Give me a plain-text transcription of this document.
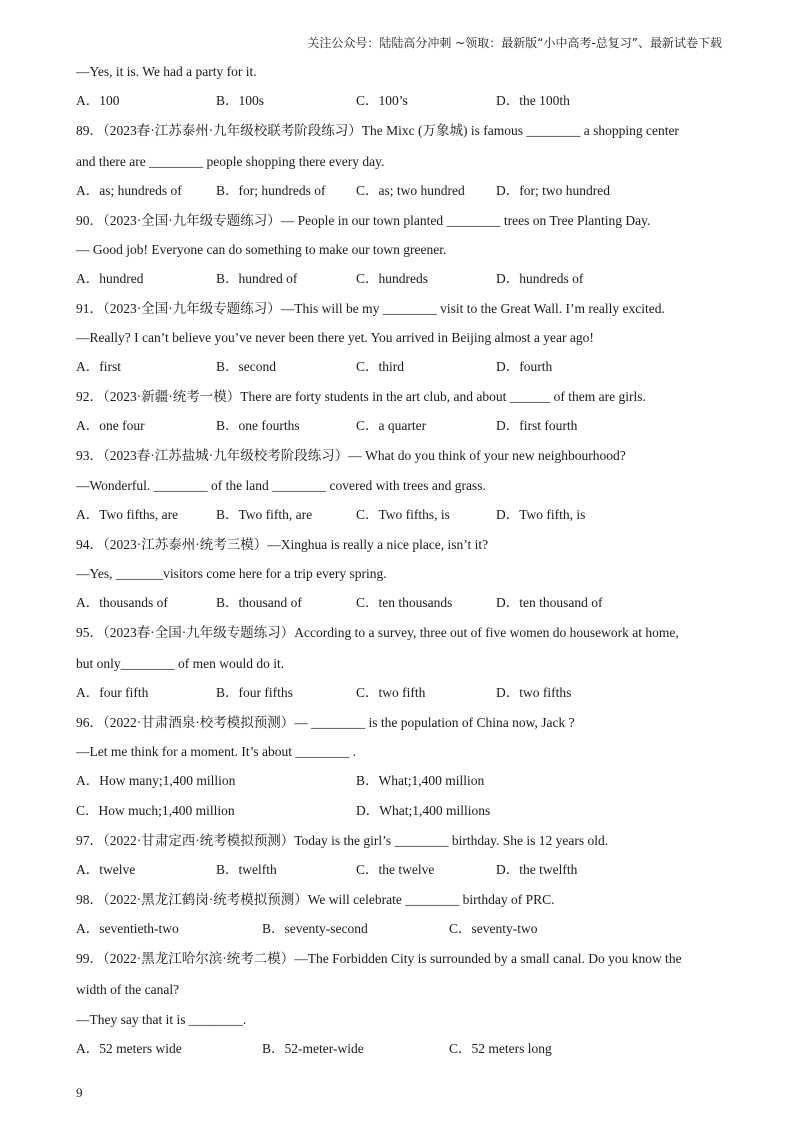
关注公众号：陆陆高分冲刺 ~领取：最新版“小中高考-总复习”、最新试卷下载
—Yes, it is. We had a party for it.
A．100	B．100s	C．100’s	D．the 100th
89．（2023春·江苏泰州·九年级校联考阶段练习）The Mixc (万象城) is famous ________ a shopping center
and there are ________ people shopping there every day.
A．as; hundreds of	B．for; hundreds of C．as; two hundred D．for; two hundred
90．（2023·全国·九年级专题练习）— People in our town planted ________ trees on Tree Planting Day.
— Good job! Everyone can do something to make our town greener.
A．hundred	B．hundred of	C．hundreds	D．hundreds of
91．（2023·全国·九年级专题练习）—This will be my ________ visit to the Great Wall. I’m really excited.
—Really? I can’t believe you’ve never been there yet. You arrived in Beijing almost a year ago!
A．first	B．second	C．third	D．fourth
92．（2023·新疆·统考一模）There are forty students in the art club, and about ______ of them are girls.
A．one four	B．one fourths	C．a quarter	D．first fourth
93．（2023春·江苏盐城·九年级校考阶段练习）— What do you think of your new neighbourhood?
—Wonderful. ________ of the land ________ covered with trees and grass.
A．Two fifths, are	B．Two fifth, are	C．Two fifths, is	D．Two fifth, is
94．（2023·江苏泰州·统考三模）—Xinghua is really a nice place, isn’t it?
—Yes, _______visitors come here for a trip every spring.
A．thousands of	B．thousand of	C．ten thousands	D．ten thousand of
95．（2023春·全国·九年级专题练习）According to a survey, three out of five women do housework at home,
but only________ of men would do it.
A．four fifth	B．four fifths	C．two fifth	D．two fifths
96．（2022·甘肃酒泉·校考模拟预测）— ________ is the population of China now, Jack ?
—Let me think for a moment. It’s about ________ .
A．How many;1,400 million	B．What;1,400 million
C．How much;1,400 million	D．What;1,400 millions
97．（2022·甘肃定西·统考模拟预测）Today is the girl’s ________ birthday. She is 12 years old.
A．twelve	B．twelfth	C．the twelve	D．the twelfth
98．（2022·黑龙江鹤岗·统考模拟预测）We will celebrate ________ birthday of PRC.
A．seventieth-two	B．seventy-second	C．seventy-two
99．（2022·黑龙江哈尔滨·统考二模）—The Forbidden City is surrounded by a small canal. Do you know the
width of the canal?
—They say that it is ________.
A．52 meters wide	B．52-meter-wide	C．52 meters long
9
